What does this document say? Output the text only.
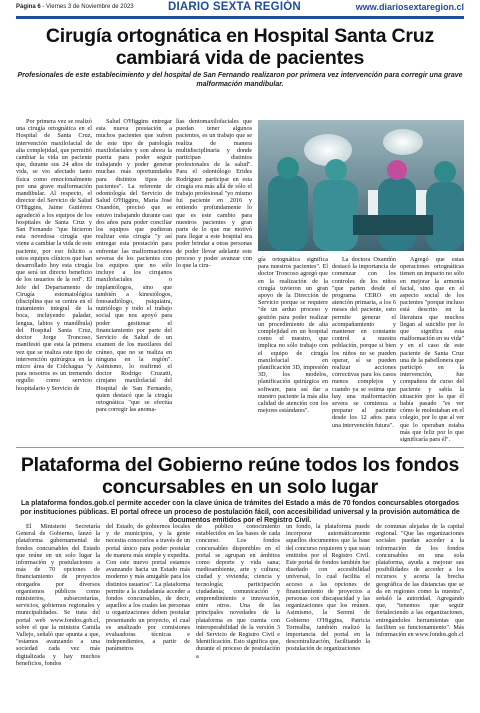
Página 6 - Viernes 3 de Noviembre de 2023	DIARIO SEXTA REGIÓN	www.diariosextaregion.cl
Cirugía ortognática en Hospital Santa Cruz
cambiará vida de pacientes
Profesionales de este establecimiento y del hospital de San Fernando realizaron por primera vez intervención para corregir una grave malformación mandibular.

Por primera vez se realizó una cirugía ortognática en el Hospital de Santa Cruz, intervención maxilofacial de alta complejidad, que permitió cambiar la vida un paciente que, durante sus 24 años de vida, se vio afectado tanto física como emocionalmente por una grave malformación mandibular. Al respecto, el director del Servicio de Salud O'Higgins, Jaime Gutiérrez agradeció a los equipos de los hospitales de Santa Cruz y San Fernando "que hicieron esta novedosa cirugía que viene a cambiar la vida de este paciente, por eso felicito a estos equipos clínicos que han desarrollado hoy esta cirugía que será un directo beneficio de los usuarios de la red". El Jefe del Departamento de Cirugía estomatológica (disciplina que se centra en el tratamiento integral de la boca, incluyendo paladar, lengua, labios y mandíbula) del Hospital Santa Cruz, doctor Jorge Troncoso, manifestó que esta la primera vez que se realiza este tipo de intervención quirúrgica en la micro área de Colchagua "y para nosotros es un tremendo orgullo como servicio hospitalario y Servicio de

Salud O'Higgins entregar esta nueva prestación a muchos pacientes que sufren de este tipo de patología maxilofaciales y son ahora la puerta para poder seguir trabajando y poder generar muchas más oportunidades para distintos tipos de pacientes". La referente de odontología del Servicio de Salud O'Higgins, María José Oxandón, precisó que se estuvo trabajando durante casi dos años para poder conciliar los equipos que pudieran realizar esta cirugía "y así entregar esta prestación para enfrentar las malformaciones severas de los pacientes con los equipos que no sólo incluye a los cirujanos maxilofaciales o implantólogos, sino que también a kinesiólogos, fonoaudiólogo, psiquiatra, nutriólogo y todo el trabajo social que nos apoyó para poder gestionar el financiamiento por parte del Servicio de Salud de un examen de los maxilares del cráneo, que no se realiza en ninguna en la región". Asimismo, lo reafirmó el doctor Rodrigo Cruzatti, cirujano maxilofacial del Hospital de San Fernando, quien destacó que la cirugía ortognática "que se efectúa para corregir las anoma-

lías dentomaxilofaciales que puedan tener algunos pacientes, es un trabajo que se realiza de manera multidisciplinaria y donde participan distintos profesionales de la salud". Para el odontólogo Erides Rodríguez participar en esta cirugía era más allá de sólo el trabajo profesional "yo mismo fui paciente en 2016 y entiendo profundamente lo que es este cambio para nuestros pacientes y gran parte de lo que me motivó para llegar a este hospital era poder brindar a otras personas de poder llevar adelante este proceso y poder avanzar con lo que la ciru-

gía ortognática significa para nuestros pacientes". El doctor Troncoso agregó que en la realización de la cirugía tuvieron un gran apoyo de la Dirección de Servicio porque se requiere "de un arduo proceso y gestión para poder realizar un procedimiento de alta complejidad en un hospital como el nuestro, que implica no sólo trabajo con el equipo de cirugía maxilofacial en planificación 3D, impresión 3D, los modelos, planificación quirúrgica en software, para así dar a nuestro paciente la más alta calidad de atención con los mejores estándares".

La doctora Oxandón destacó la importancia de comenzar con los controles de los niños "que parten desde el programa CERO en atención primaria, a los 6 meses del paciente, esto permite generar el acompañamiento y mantener en constante control a nuestra población, porque si bien los niños no se pueden operar, sí se pueden realizar acciones correctivas para los casos menos complejos y cuando ya se estima que hay una malformación severa se comienza a preparar al paciente desde los 12 años para una intervención futura".

Agregó que estas operaciones ortognáticas tienen un impacto no sólo en mejorar la armonía facial, sino que en el aspecto social de los pacientes "porque incluso está descrito en la literatura que muchos llegan al suicidio por lo que significa esta malformación en su vida" y en el caso de este paciente de Santa Cruz una de la pabellonera que participó en la intervención, fue compañera de curso del paciente y sabía la situación por la que él había pasado "es ver cómo le molestaban en el colegio, por lo que al ver que lo operaban estaba más que feliz por lo que significaría para él".

Plataforma del Gobierno reúne todos los fondos
concursables en un solo lugar
La plataforma fondos.gob.cl permite acceder con la clave única de trámites del Estado a más de 70 fondos concursables otorgados por instituciones públicas. El portal ofrece un proceso de postulación fácil, con accesibilidad universal y la provisión automática de documentos emitidos por el Registro Civil.

El Ministerio Secretaría General de Gobierno, lanzó la plataforma gubernamental de fondos concursables del Estado que reúne en un solo lugar la información y postulaciones a más de 70 opciones de financiamiento de proyectos otorgados por diversos organismos públicos como ministerios, subsecretarías, servicios, gobiernos regionales y municipalidades. Se trata del portal web www.fondos.gob.cl, sobre el que la ministra Camila Vallejo, señaló que apunta a que, "estamos avanzando a una sociedad cada vez más digitalizada y hay muchos beneficios, fondos

del Estado, de gobiernos locales y de municipios, y la gente necesita conocerlos a través de un portal único para poder postular de manera más simple y expedita. Con este nuevo portal estamos avanzando hacia un Estado más moderno y más amigable para los distintos usuarios". La plataforma permite a la ciudadanía acceder a fondos concursables, de decir, aquellos a los cuales las personas u organizaciones deben postular presentando un proyecto, el cual es analizado por comisiones evaluadoras técnicas e independientes, a partir de parámetros

de público conocimiento establecidos en las bases de cada concurso. Los fondos concursables disponibles en el portal se agrupan en ámbitos como deporte y vida sana; medioambiente, arte y cultura; ciudad y vivienda; ciencia y tecnología; participación ciudadanía; comunicación y emprendimiento e innovación, entre otros. Una de las principales novedades de la plataforma es que cuenta con interoperabilidad de la versión 3 del Servicio de Registro Civil e Identificación. Esto significa que, durante el proceso de postulación a

un fondo, la plataforma puede incorporar automáticamente aquellos documentos que la base del concurso requieren y que sean emitidos por el Registro Civil. Este portal de fondos también fue diseñado con accesibilidad universal, lo cual facilita el acceso a las opciones de financiamiento de proyectos a personas con discapacidad y las organizaciones que los reúnen. Asimismo, la Seremi de Gobierno O'Higgins, Patricia Torrealba, también realizó la importancia del portal en la descentralización, facilitando la postulación de organizaciones

de comunas alejadas de la capital regional. "Que las organizaciones sociales puedan acceder a la información de los fondos concursables en una sola plataforma, ayuda a mejorar sus posibilidades de acceder a los recursos y acorta la brecha geográfica de las distancias que se da en regiones como la nuestra", señaló la autoridad. Agregando que, "tenemos que seguir fortaleciendo a las organizaciones, entregándoles herramientas que faciliten su funcionamiento". Más información en www.fondos.gob.cl
